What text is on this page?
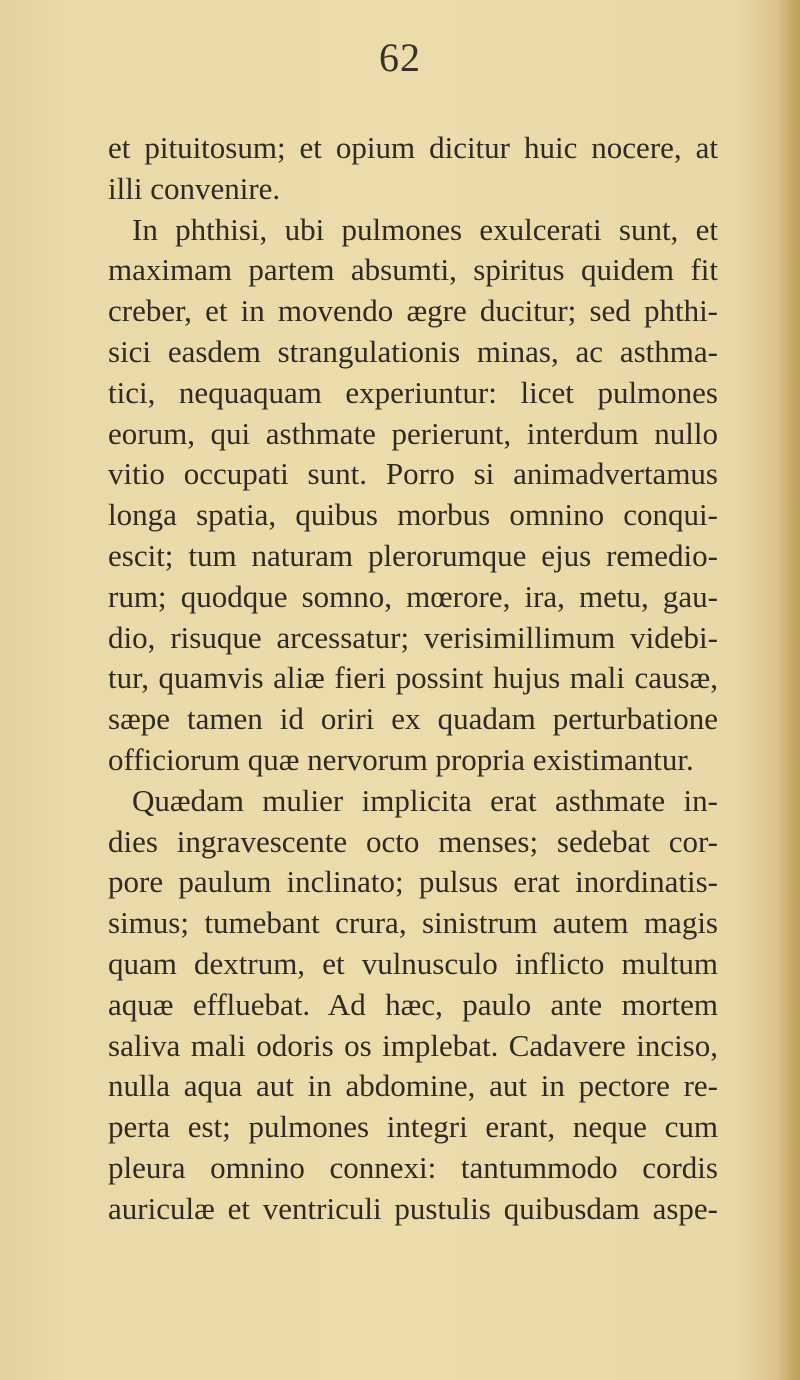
62
et pituitosum; et opium dicitur huic nocere, at
illi convenire.
In phthisi, ubi pulmones exulcerati sunt, et
maximam partem absumti, spiritus quidem fit
creber, et in movendo ægre ducitur; sed phthi-
sici easdem strangulationis minas, ac asthma-
tici, nequaquam experiuntur: licet pulmones
eorum, qui asthmate perierunt, interdum nullo
vitio occupati sunt. Porro si animadvertamus
longa spatia, quibus morbus omnino conqui-
escit; tum naturam plerorumque ejus remedio-
rum; quodque somno, mœrore, ira, metu, gau-
dio, risuque arcessatur; verisimillimum videbi-
tur, quamvis aliæ fieri possint hujus mali causæ,
sæpe tamen id oriri ex quadam perturbatione
officiorum quæ nervorum propria existimantur.
Quædam mulier implicita erat asthmate in-
dies ingravescente octo menses; sedebat cor-
pore paulum inclinato; pulsus erat inordinatis-
simus; tumebant crura, sinistrum autem magis
quam dextrum, et vulnusculo inflicto multum
aquæ effluebat. Ad hæc, paulo ante mortem
saliva mali odoris os implebat. Cadavere inciso,
nulla aqua aut in abdomine, aut in pectore re-
perta est; pulmones integri erant, neque cum
pleura omnino connexi: tantummodo cordis
auriculæ et ventriculi pustulis quibusdam aspe-
